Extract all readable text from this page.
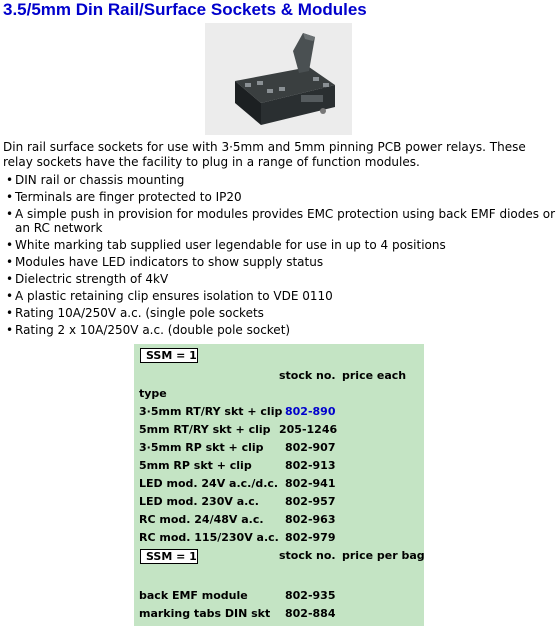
3.5/5mm Din Rail/Surface Sockets & Modules
Din rail surface sockets for use with 3·5mm and 5mm pinning PCB power relays. These relay sockets have the facility to plug in a range of function modules.
• DIN rail or chassis mounting
• Terminals are finger protected to IP20
• A simple push in provision for modules provides EMC protection using back EMF diodes or an RC network
• White marking tab supplied user legendable for use in up to 4 positions
• Modules have LED indicators to show supply status
• Dielectric strength of 4kV
• A plastic retaining clip ensures isolation to VDE 0110
• Rating 10A/250V a.c. (single pole sockets
• Rating 2 x 10A/250V a.c. (double pole socket)
SSM = 1
stock no. price each
type
3·5mm RT/RY skt + clip 802-890
5mm RT/RY skt + clip 205-1246
3·5mm RP skt + clip 802-907
5mm RP skt + clip	802-913
LED mod. 24V a.c./d.c. 802-941
LED mod. 230V a.c. 802-957
RC mod. 24/48V a.c. 802-963
RC mod. 115/230V a.c. 802-979
SSM = 1	stock no. price per bag
back EMF module	802-935
marking tabs DIN skt 802-884
